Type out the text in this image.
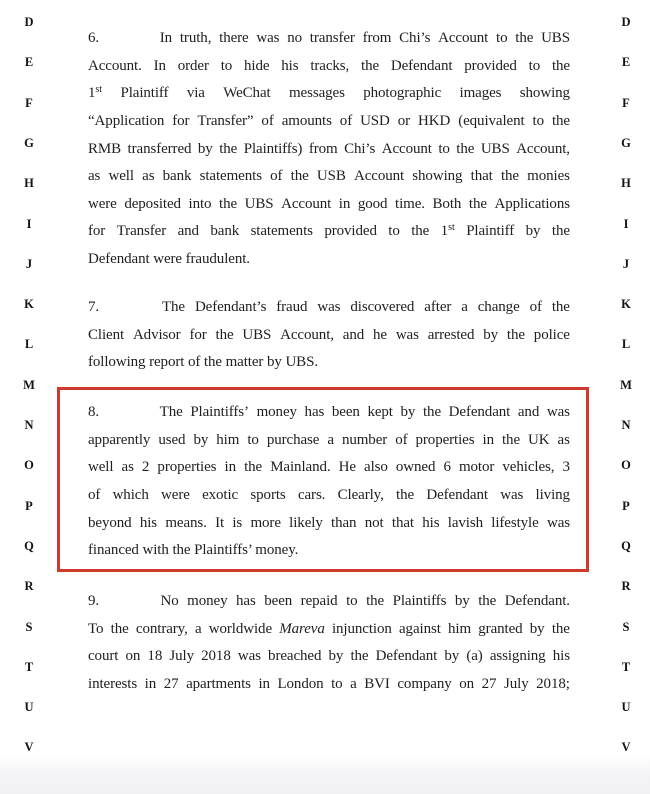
D
E
F
G
H
I
J
K
L
M
N
O
P
Q
R
S
T
U
V
D
E
F
G
H
I
J
K
L
M
N
O
P
Q
R
S
T
U
V
6.	In truth, there was no transfer from Chi’s Account to the UBS
Account. In order to hide his tracks, the Defendant provided to the
1st Plaintiff via WeChat messages photographic images showing
“Application for Transfer” of amounts of USD or HKD (equivalent to the
RMB transferred by the Plaintiffs) from Chi’s Account to the UBS Account,
as well as bank statements of the USB Account showing that the monies
were deposited into the UBS Account in good time. Both the Applications
for Transfer and bank statements provided to the 1st Plaintiff by the
Defendant were fraudulent.
7.	The Defendant’s fraud was discovered after a change of the
Client Advisor for the UBS Account, and he was arrested by the police
following report of the matter by UBS.
8.	The Plaintiffs’ money has been kept by the Defendant and was
apparently used by him to purchase a number of properties in the UK as
well as 2 properties in the Mainland. He also owned 6 motor vehicles, 3
of which were exotic sports cars. Clearly, the Defendant was living
beyond his means. It is more likely than not that his lavish lifestyle was
financed with the Plaintiffs’ money.
9.	No money has been repaid to the Plaintiffs by the Defendant.
To the contrary, a worldwide Mareva injunction against him granted by the
court on 18 July 2018 was breached by the Defendant by (a) assigning his
interests in 27 apartments in London to a BVI company on 27 July 2018;
